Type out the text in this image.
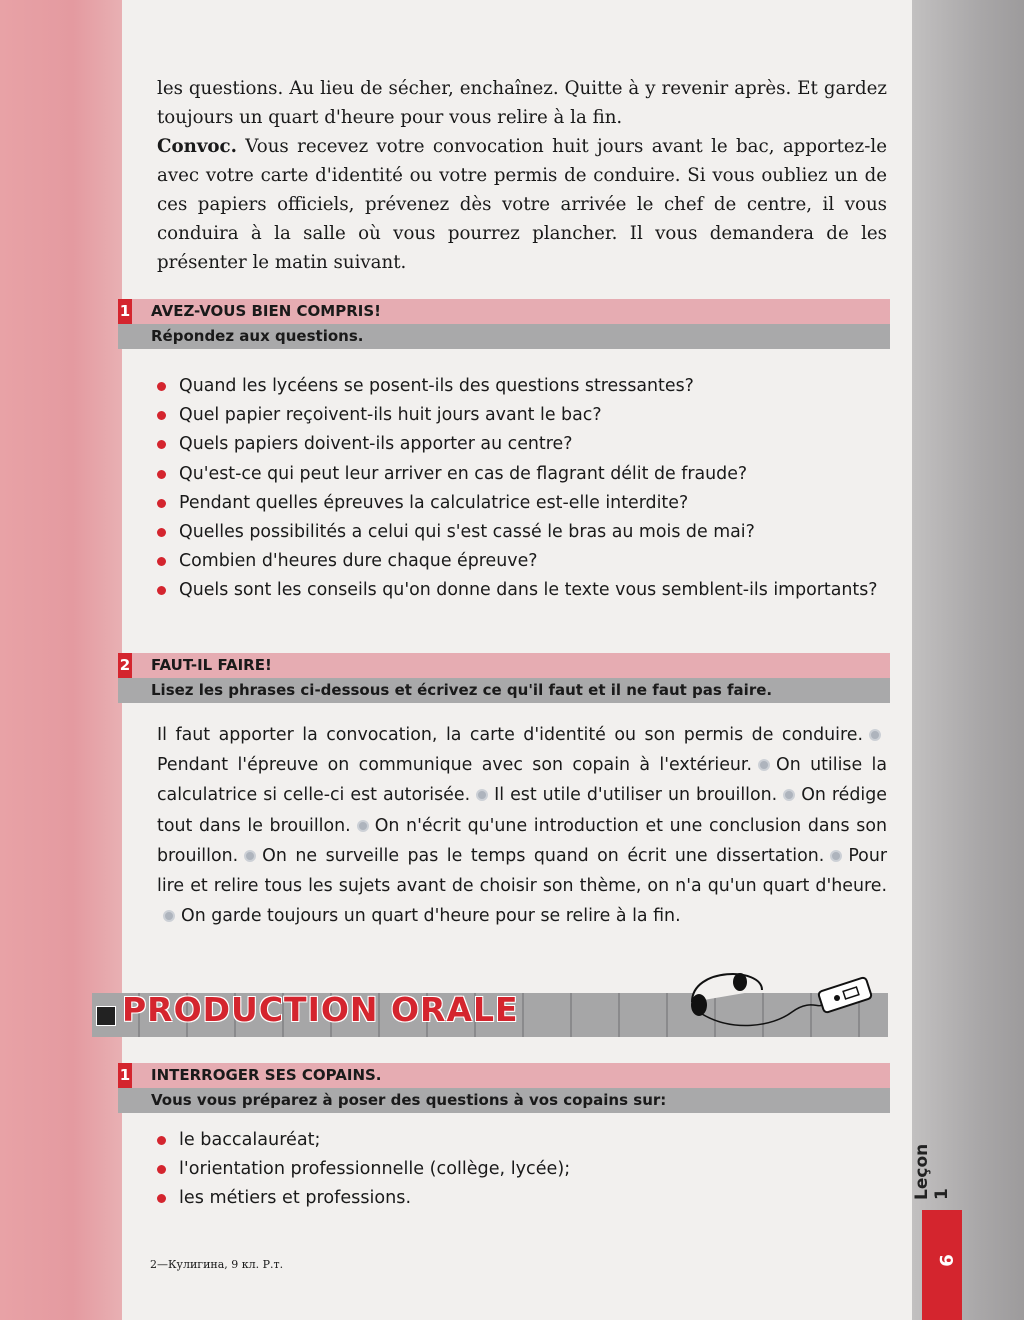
9
Leçon 1

les questions. Au lieu de sécher, enchaînez. Quitte à y revenir après. Et gardez toujours un quart d'heure pour vous relire à la fin.

Convoc. Vous recevez votre convocation huit jours avant le bac, apportez-le avec votre carte d'identité ou votre permis de conduire. Si vous oubliez un de ces papiers officiels, prévenez dès votre arrivée le chef de centre, il vous conduira à la salle où vous pourrez plancher. Il vous demandera de les présenter le matin suivant.

1 AVEZ-VOUS BIEN COMPRIS!
Répondez aux questions.
Quand les lycéens se posent-ils des questions stressantes?
Quel papier reçoivent-ils huit jours avant le bac?
Quels papiers doivent-ils apporter au centre?
Qu'est-ce qui peut leur arriver en cas de flagrant délit de fraude?
Pendant quelles épreuves la calculatrice est-elle interdite?
Quelles possibilités a celui qui s'est cassé le bras au mois de mai?
Combien d'heures dure chaque épreuve?
Quels sont les conseils qu'on donne dans le texte vous semblent-ils importants?
2 FAUT-IL FAIRE!
Lisez les phrases ci-dessous et écrivez ce qu'il faut et il ne faut pas faire.
Il faut apporter la convocation, la carte d'identité ou son permis de conduire.Pendant l'épreuve on communique avec son copain à l'extérieur. On utilise la calculatrice si celle-ci est autorisée. Il est utile d'utiliser un brouillon. On rédige tout dans le brouillon. On n'écrit qu'une introduction et une conclusion dans son brouillon. On ne surveille pas le temps quand on écrit une dissertation. Pour lire et relire tous les sujets avant de choisir son thème, on n'a qu'un quart d'heure.On garde toujours un quart d'heure pour se relire à la fin.
PRODUCTION ORALE
1 INTERROGER SES COPAINS.
Vous vous préparez à poser des questions à vos copains sur:
le baccalauréat;
l'orientation professionnelle (collège, lycée);
les métiers et professions.
2—Кулигина, 9 кл. Р.т.
